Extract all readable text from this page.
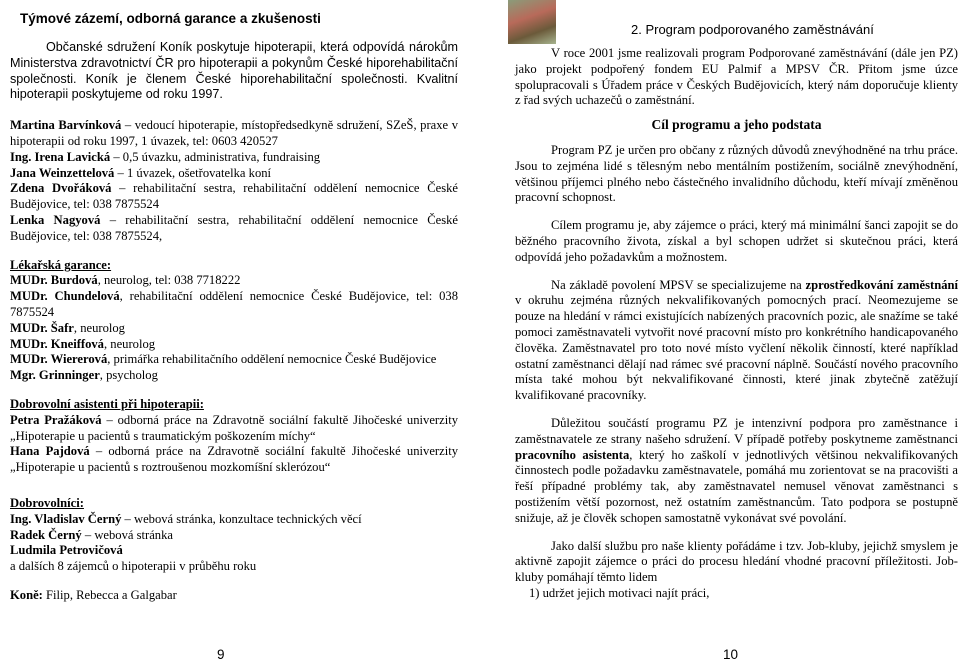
Týmové zázemí, odborná garance a zkušenosti

Občanské sdružení Koník poskytuje hipoterapii, která odpovídá nárokům Ministerstva zdravotnictví ČR pro hipoterapii a pokynům České hiporehabilitační společnosti. Koník je členem České hiporehabilitační společnosti. Kvalitní hipoterapii poskytujeme od roku 1997.

Martina Barvínková – vedoucí hipoterapie, místopředsedkyně sdružení, SZeŠ, praxe v hipoterapii od roku 1997, 1 úvazek, tel: 0603 420527

Ing. Irena Lavická – 0,5 úvazku, administrativa, fundraising

Jana Weinzettelová – 1 úvazek, ošetřovatelka koní

Zdena Dvořáková – rehabilitační sestra, rehabilitační oddělení nemocnice České Budějovice, tel: 038 7875524

Lenka Nagyová – rehabilitační sestra, rehabilitační oddělení nemocnice České Budějovice, tel: 038 7875524,

Lékařská garance:

MUDr. Burdová, neurolog, tel: 038 7718222

MUDr. Chundelová, rehabilitační oddělení nemocnice České Budějovice, tel: 038 7875524

MUDr. Šafr, neurolog

MUDr. Kneiffová, neurolog

MUDr. Wiererová, primářka rehabilitačního oddělení nemocnice České Budějovice

Mgr. Grinninger, psycholog

Dobrovolní asistenti při hipoterapii:

Petra Pražáková – odborná práce na Zdravotně sociální fakultě Jihočeské univerzity „Hipoterapie u pacientů s traumatickým poškozením míchy“

Hana Pajdová – odborná práce na Zdravotně sociální fakultě Jihočeské univerzity „Hipoterapie u pacientů s roztroušenou mozkomíšní sklerózou“

Dobrovolníci:

Ing. Vladislav Černý – webová stránka, konzultace technických věcí

Radek Černý – webová stránka

Ludmila Petrovičová

a dalších 8 zájemců o hipoterapii v průběhu roku

Koně: Filip, Rebecca a Galgabar

9
2. Program podporovaného zaměstnávání

V roce 2001 jsme realizovali program Podporované zaměstnávání (dále jen PZ) jako projekt podpořený fondem EU Palmif a MPSV ČR. Přitom jsme úzce spolupracovali s Úřadem práce v Českých Budějovicích, který nám doporučuje klienty z řad svých uchazečů o zaměstnání.

Cíl programu a jeho podstata

Program PZ je určen pro občany z různých důvodů znevýhodněné na trhu práce. Jsou to zejména lidé s tělesným nebo mentálním postižením, sociálně znevýhodnění, většinou příjemci plného nebo částečného invalidního důchodu, kteří mívají změněnou pracovní schopnost.

Cílem programu je, aby zájemce o práci, který má minimální šanci zapojit se do běžného pracovního života, získal a byl schopen udržet si skutečnou práci, která odpovídá jeho požadavkům a možnostem.

Na základě povolení MPSV se specializujeme na zprostředkování zaměstnání v okruhu zejména různých nekvalifikovaných pomocných prací. Neomezujeme se pouze na hledání v rámci existujících nabízených pracovních pozic, ale snažíme se také pomoci zaměstnavateli vytvořit nové pracovní místo pro konkrétního handicapovaného člověka. Zaměstnavatel pro toto nové místo vyčlení několik činností, které například ostatní zaměstnanci dělají nad rámec své pracovní náplně. Součástí nového pracovního místa také mohou být nekvalifikované činnosti, které jinak zbytečně zatěžují kvalifikované pracovníky.

Důležitou součástí programu PZ je intenzivní podpora pro zaměstnance i zaměstnavatele ze strany našeho sdružení. V případě potřeby poskytneme zaměstnanci pracovního asistenta, který ho zaškolí v jednotlivých většinou nekvalifikovaných činnostech podle požadavku zaměstnavatele, pomáhá mu zorientovat se na pracovišti a řeší případné problémy tak, aby zaměstnavatel nemusel věnovat zaměstnanci s postižením větší pozornost, než ostatním zaměstnancům. Tato podpora se postupně snižuje, až je člověk schopen samostatně vykonávat své povolání.

Jako další službu pro naše klienty pořádáme i tzv. Job-kluby, jejichž smyslem je aktivně zapojit zájemce o práci do procesu hledání vhodné pracovní příležitosti. Job-kluby pomáhají těmto lidem

1) udržet jejich motivaci najít práci,

10
